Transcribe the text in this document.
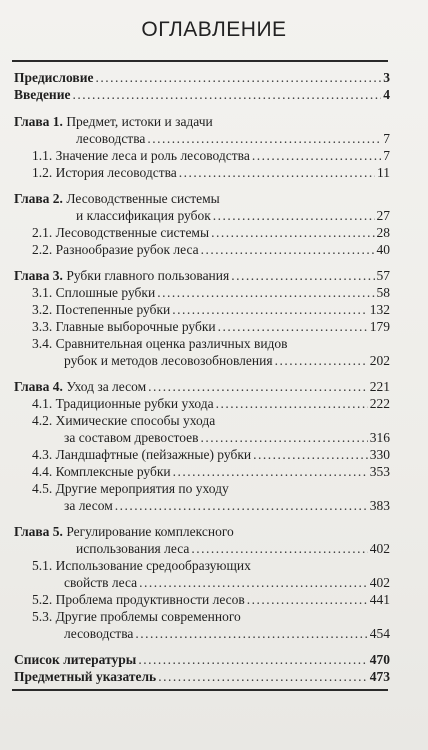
ОГЛАВЛЕНИЕ
Предисловие .....	3
Введение .....	4
Глава 1. Предмет, истоки и задачи
лесоводства .....	7
1.1. Значение леса и роль лесоводства .....	7
1.2. История лесоводства .....	11
Глава 2. Лесоводственные системы
и классификация рубок .....	27
2.1. Лесоводственные системы .....	28
2.2. Разнообразие рубок леса .....	40
Глава 3. Рубки главного пользования .....	57
3.1. Сплошные рубки .....	58
3.2. Постепенные рубки .....	132
3.3. Главные выборочные рубки .....	179
3.4. Сравнительная оценка различных видов
рубок и методов лесовозобновления .....	202
Глава 4. Уход за лесом .....	221
4.1. Традиционные рубки ухода .....	222
4.2. Химические способы ухода
за составом древостоев .....	316
4.3. Ландшафтные (пейзажные) рубки .....	330
4.4. Комплексные рубки .....	353
4.5. Другие мероприятия по уходу
за лесом .....	383
Глава 5. Регулирование комплексного
использования леса .....	402
5.1. Использование средообразующих
свойств леса .....	402
5.2. Проблема продуктивности лесов .....	441
5.3. Другие проблемы современного
лесоводства .....	454
Список литературы .....	470
Предметный указатель .....	473
